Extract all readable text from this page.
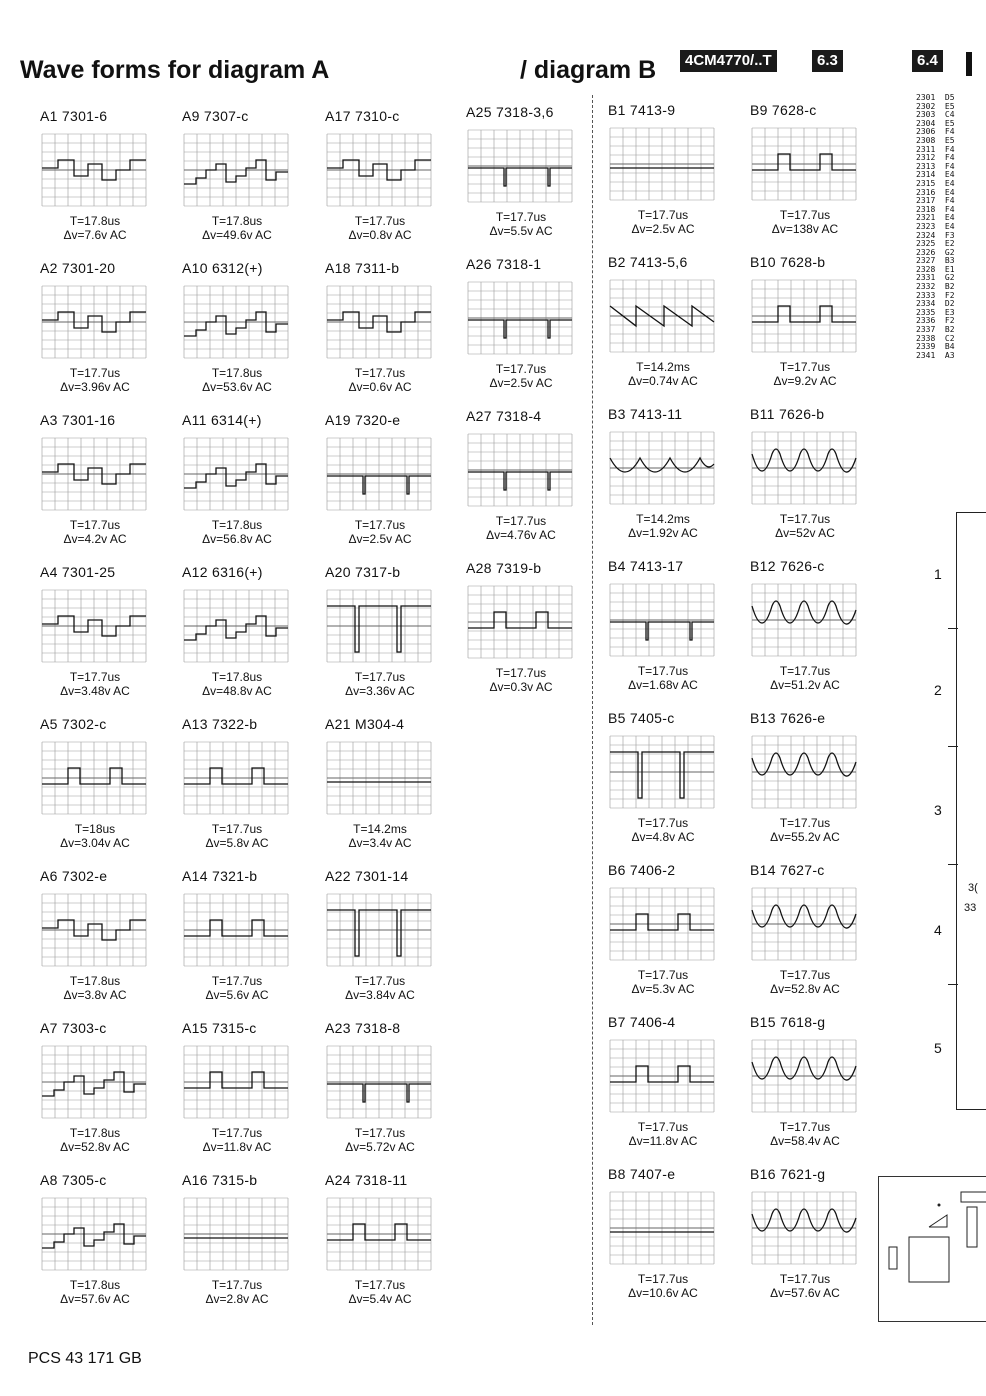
Wave forms for diagram A	/ diagram B	4CM4770/..T	6.3	6.4
A1 7301-6
T=17.8us
Δv=7.6v AC
A2 7301-20
T=17.7us
Δv=3.96v AC
A3 7301-16
T=17.7us
Δv=4.2v AC
A4 7301-25
T=17.7us
Δv=3.48v AC
A5 7302-c
T=18us
Δv=3.04v AC
A6 7302-e
T=17.8us
Δv=3.8v AC
A7 7303-c
T=17.8us
Δv=52.8v AC
A8 7305-c
T=17.8us
Δv=57.6v AC
A9 7307-c
T=17.8us
Δv=49.6v AC
A10 6312(+)
T=17.8us
Δv=53.6v AC
A11 6314(+)
T=17.8us
Δv=56.8v AC
A12 6316(+)
T=17.8us
Δv=48.8v AC
A13 7322-b
T=17.7us
Δv=5.8v AC
A14 7321-b
T=17.7us
Δv=5.6v AC
A15 7315-c
T=17.7us
Δv=11.8v AC
A16 7315-b
T=17.7us
Δv=2.8v AC
A17 7310-c
T=17.7us
Δv=0.8v AC
A18 7311-b
T=17.7us
Δv=0.6v AC
A19 7320-e
T=17.7us
Δv=2.5v AC
A20 7317-b
T=17.7us
Δv=3.36v AC
A21 M304-4
T=14.2ms
Δv=3.4v AC
A22 7301-14
T=17.7us
Δv=3.84v AC
A23 7318-8
T=17.7us
Δv=5.72v AC
A24 7318-11
T=17.7us
Δv=5.4v AC
A25 7318-3,6
T=17.7us
Δv=5.5v AC
A26 7318-1
T=17.7us
Δv=2.5v AC
A27 7318-4
T=17.7us
Δv=4.76v AC
A28 7319-b
T=17.7us
Δv=0.3v AC
B1 7413-9
T=17.7us
Δv=2.5v AC
B2 7413-5,6
T=14.2ms
Δv=0.74v AC
B3 7413-11
T=14.2ms
Δv=1.92v AC
B4 7413-17
T=17.7us
Δv=1.68v AC
B5 7405-c
T=17.7us
Δv=4.8v AC
B6 7406-2
T=17.7us
Δv=5.3v AC
B7 7406-4
T=17.7us
Δv=11.8v AC
B8 7407-e
T=17.7us
Δv=10.6v AC
B9 7628-c
T=17.7us
Δv=138v AC
B10 7628-b
T=17.7us
Δv=9.2v AC
B11 7626-b
T=17.7us
Δv=52v AC
B12 7626-c
T=17.7us
Δv=51.2v AC
B13 7626-e
T=17.7us
Δv=55.2v AC
B14 7627-c
T=17.7us
Δv=52.8v AC
B15 7618-g
T=17.7us
Δv=58.4v AC
B16 7621-g
T=17.7us
Δv=57.6v AC
2301  D5
2302  E5
2303  C4
2304  E5
2306  F4
2308  E5
2311  F4
2312  F4
2313  F4
2314  E4
2315  E4
2316  E4
2317  F4
2318  F4
2321  E4
2323  E4
2324  F3
2325  E2
2326  G2
2327  B3
2328  E1
2331  G2
2332  B2
2333  F2
2334  D2
2335  E3
2336  F2
2337  B2
2338  C2
2339  B4
2341  A3
1
2
3
4
5
3(
33
PCS 43 171 GB
